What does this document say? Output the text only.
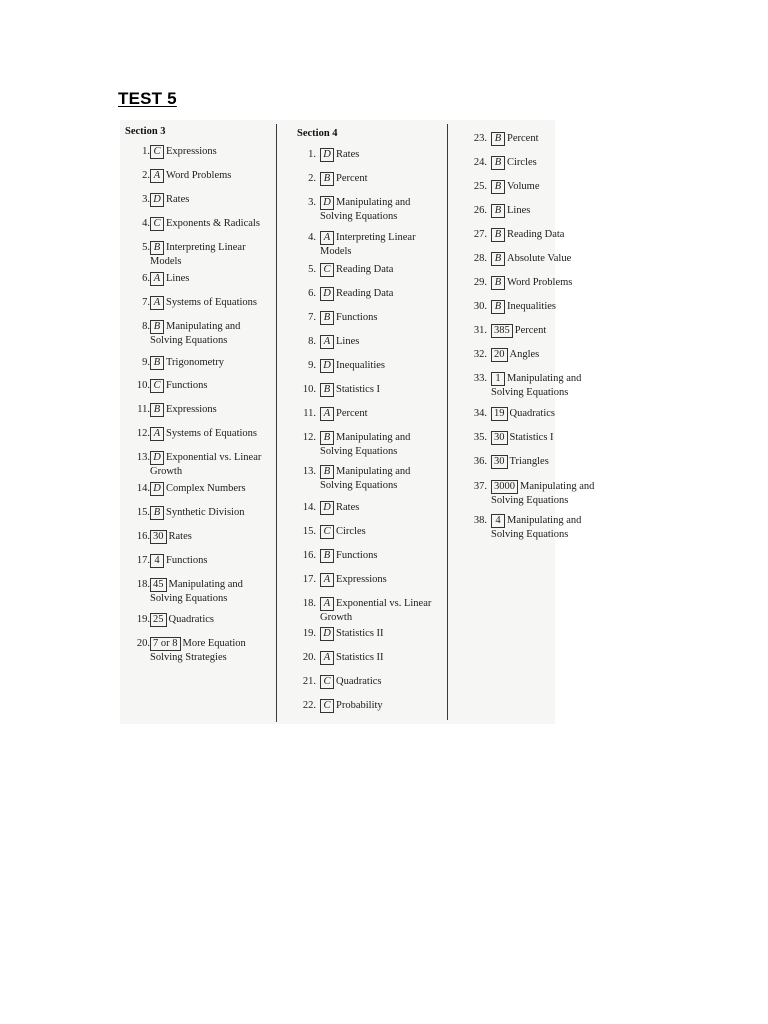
TEST 5
Section 3
1. C Expressions
2. A Word Problems
3. D Rates
4. C Exponents & Radicals
5. B Interpreting Linear
Models
6. A Lines
7. A Systems of Equations
8. B Manipulating and
Solving Equations
9. B Trigonometry
10. C Functions
11. B Expressions
12. A Systems of Equations
13. D Exponential vs. Linear
Growth
14. D Complex Numbers
15. B Synthetic Division
16. 30 Rates
17. 4 Functions
18. 45 Manipulating and
Solving Equations
19. 25 Quadratics
20. 7 or 8 More Equation
Solving Strategies
Section 4
1. D Rates
2. B Percent
3. D Manipulating and
Solving Equations
4. A Interpreting Linear
Models
5. C Reading Data
6. D Reading Data
7. B Functions
8. A Lines
9. D Inequalities
10. B Statistics I
11. A Percent
12. B Manipulating and
Solving Equations
13. B Manipulating and
Solving Equations
14. D Rates
15. C Circles
16. B Functions
17. A Expressions
18. A Exponential vs. Linear
Growth
19. D Statistics II
20. A Statistics II
21. C Quadratics
22. C Probability
23. B Percent
24. B Circles
25. B Volume
26. B Lines
27. B Reading Data
28. B Absolute Value
29. B Word Problems
30. B Inequalities
31. 385 Percent
32. 20 Angles
33. 1 Manipulating and
Solving Equations
34. 19 Quadratics
35. 30 Statistics I
36. 30 Triangles
37. 3000 Manipulating and
Solving Equations
38. 4 Manipulating and
Solving Equations
